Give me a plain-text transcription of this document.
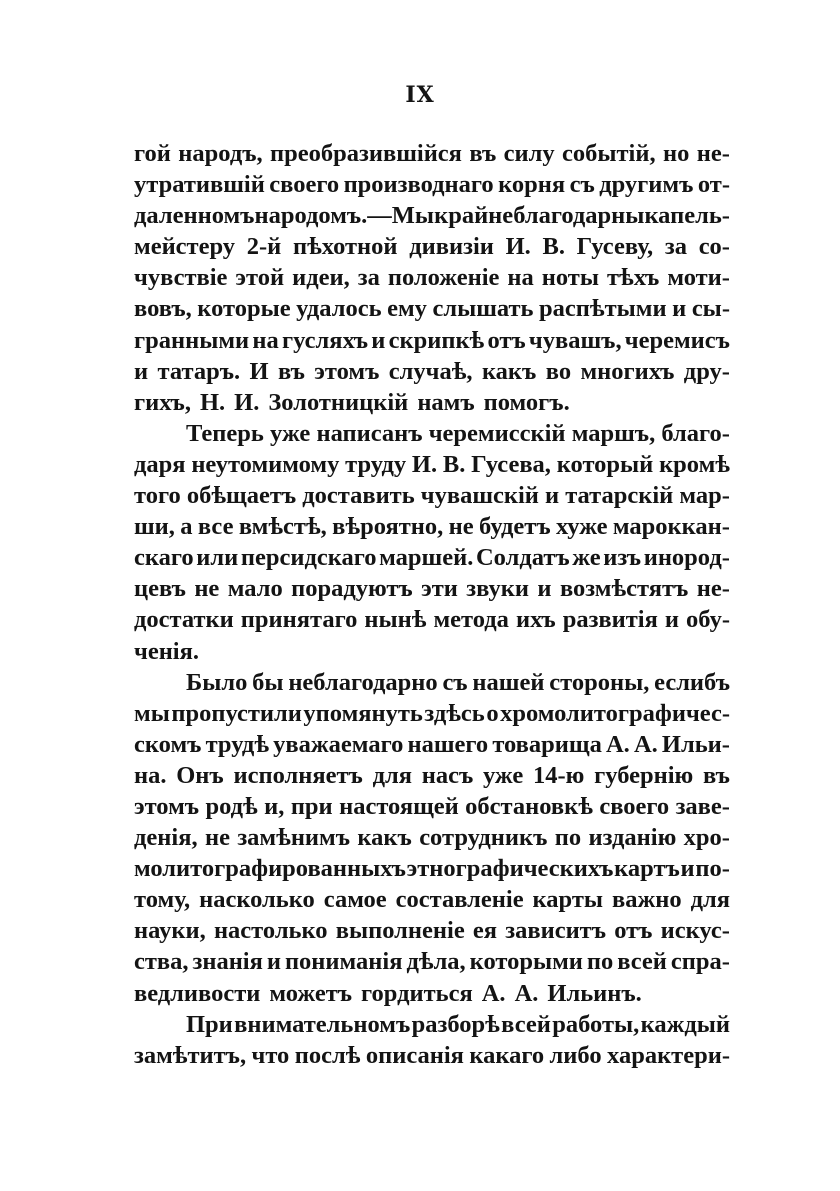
IX
гой народъ, преобразившійся въ силу событій, но не-
утратившій своего производнаго корня съ другимъ от-
даленномъ народомъ.—Мы крайне благодарны капель-
мейстеру 2-й пѣхотной дивизіи И. В. Гусеву, за со-
чувствіе этой идеи, за положеніе на ноты тѣхъ моти-
вовъ, которые удалось ему слышать распѣтыми и сы-
гранными на гусляхъ и скрипкѣ отъ чувашъ, черемисъ
и татаръ. И въ этомъ случаѣ, какъ во многихъ дру-
гихъ, Н. И. Золотницкій намъ помогъ.
Теперь уже написанъ черемисскій маршъ, благо-
даря неутомимому труду И. В. Гусева, который кромѣ
того обѣщаетъ доставить чувашскій и татарскій мар-
ши, а все вмѣстѣ, вѣроятно, не будетъ хуже мароккан-
скаго или персидскаго маршей. Солдатъ же изъ инород-
цевъ не мало порадуютъ эти звуки и возмѣстятъ не-
достатки принятаго нынѣ метода ихъ развитія и обу-
ченія.
Было бы неблагодарно съ нашей стороны, еслибъ
мы пропустили упомянуть здѣсь о хромолитографичес-
скомъ трудѣ уважаемаго нашего товарища А. А. Ильи-
на. Онъ исполняетъ для насъ уже 14-ю губернію въ
этомъ родѣ и, при настоящей обстановкѣ своего заве-
денія, не замѣнимъ какъ сотрудникъ по изданію хро-
молитографированныхъ этнографическихъ картъ и по-
тому, насколько самое составленіе карты важно для
науки, настолько выполненіе ея зависитъ отъ искус-
ства, знанія и пониманія дѣла, которыми по всей спра-
ведливости можетъ гордиться А. А. Ильинъ.
При внимательномъ разборѣ всей работы, каждый
замѣтитъ, что послѣ описанія какаго либо характери-
